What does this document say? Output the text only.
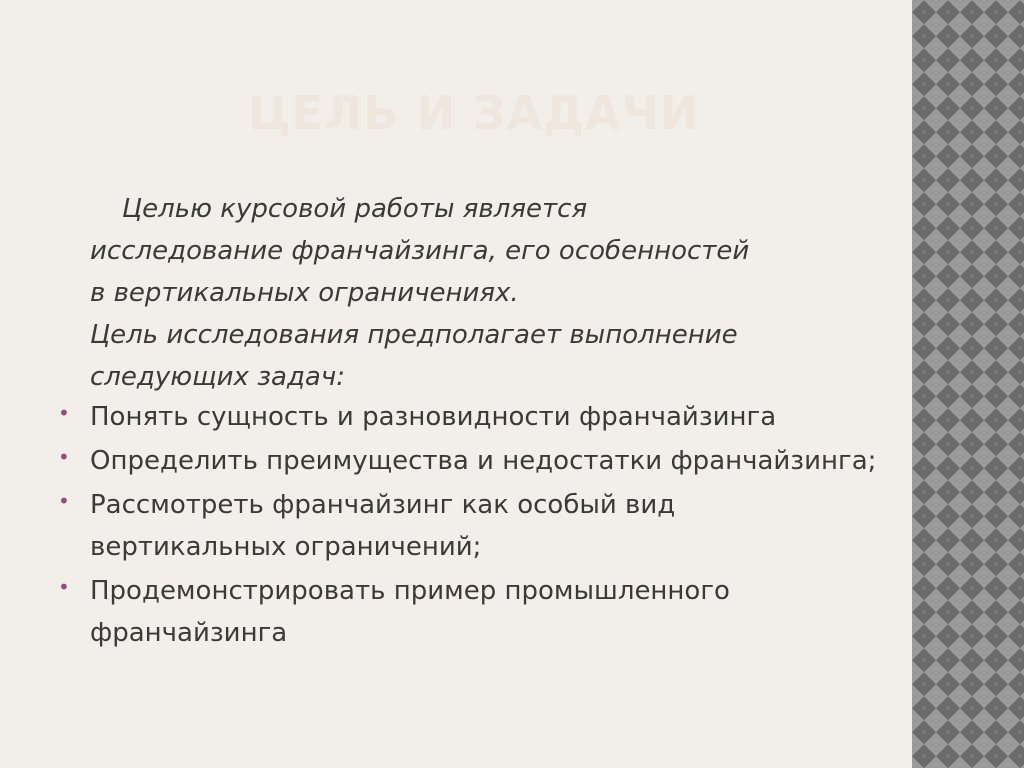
ЦЕЛЬ И ЗАДАЧИ

Целью курсовой работы является

исследование франчайзинга, его особенностей

в вертикальных ограничениях.

Цель исследования предполагает выполнение

следующих задач:

• Понять сущность и разновидности франчайзинга
• Определить преимущества и недостатки франчайзинга;
• Рассмотреть франчайзинг как особый вид вертикальных ограничений;
• Продемонстрировать пример промышленного франчайзинга
